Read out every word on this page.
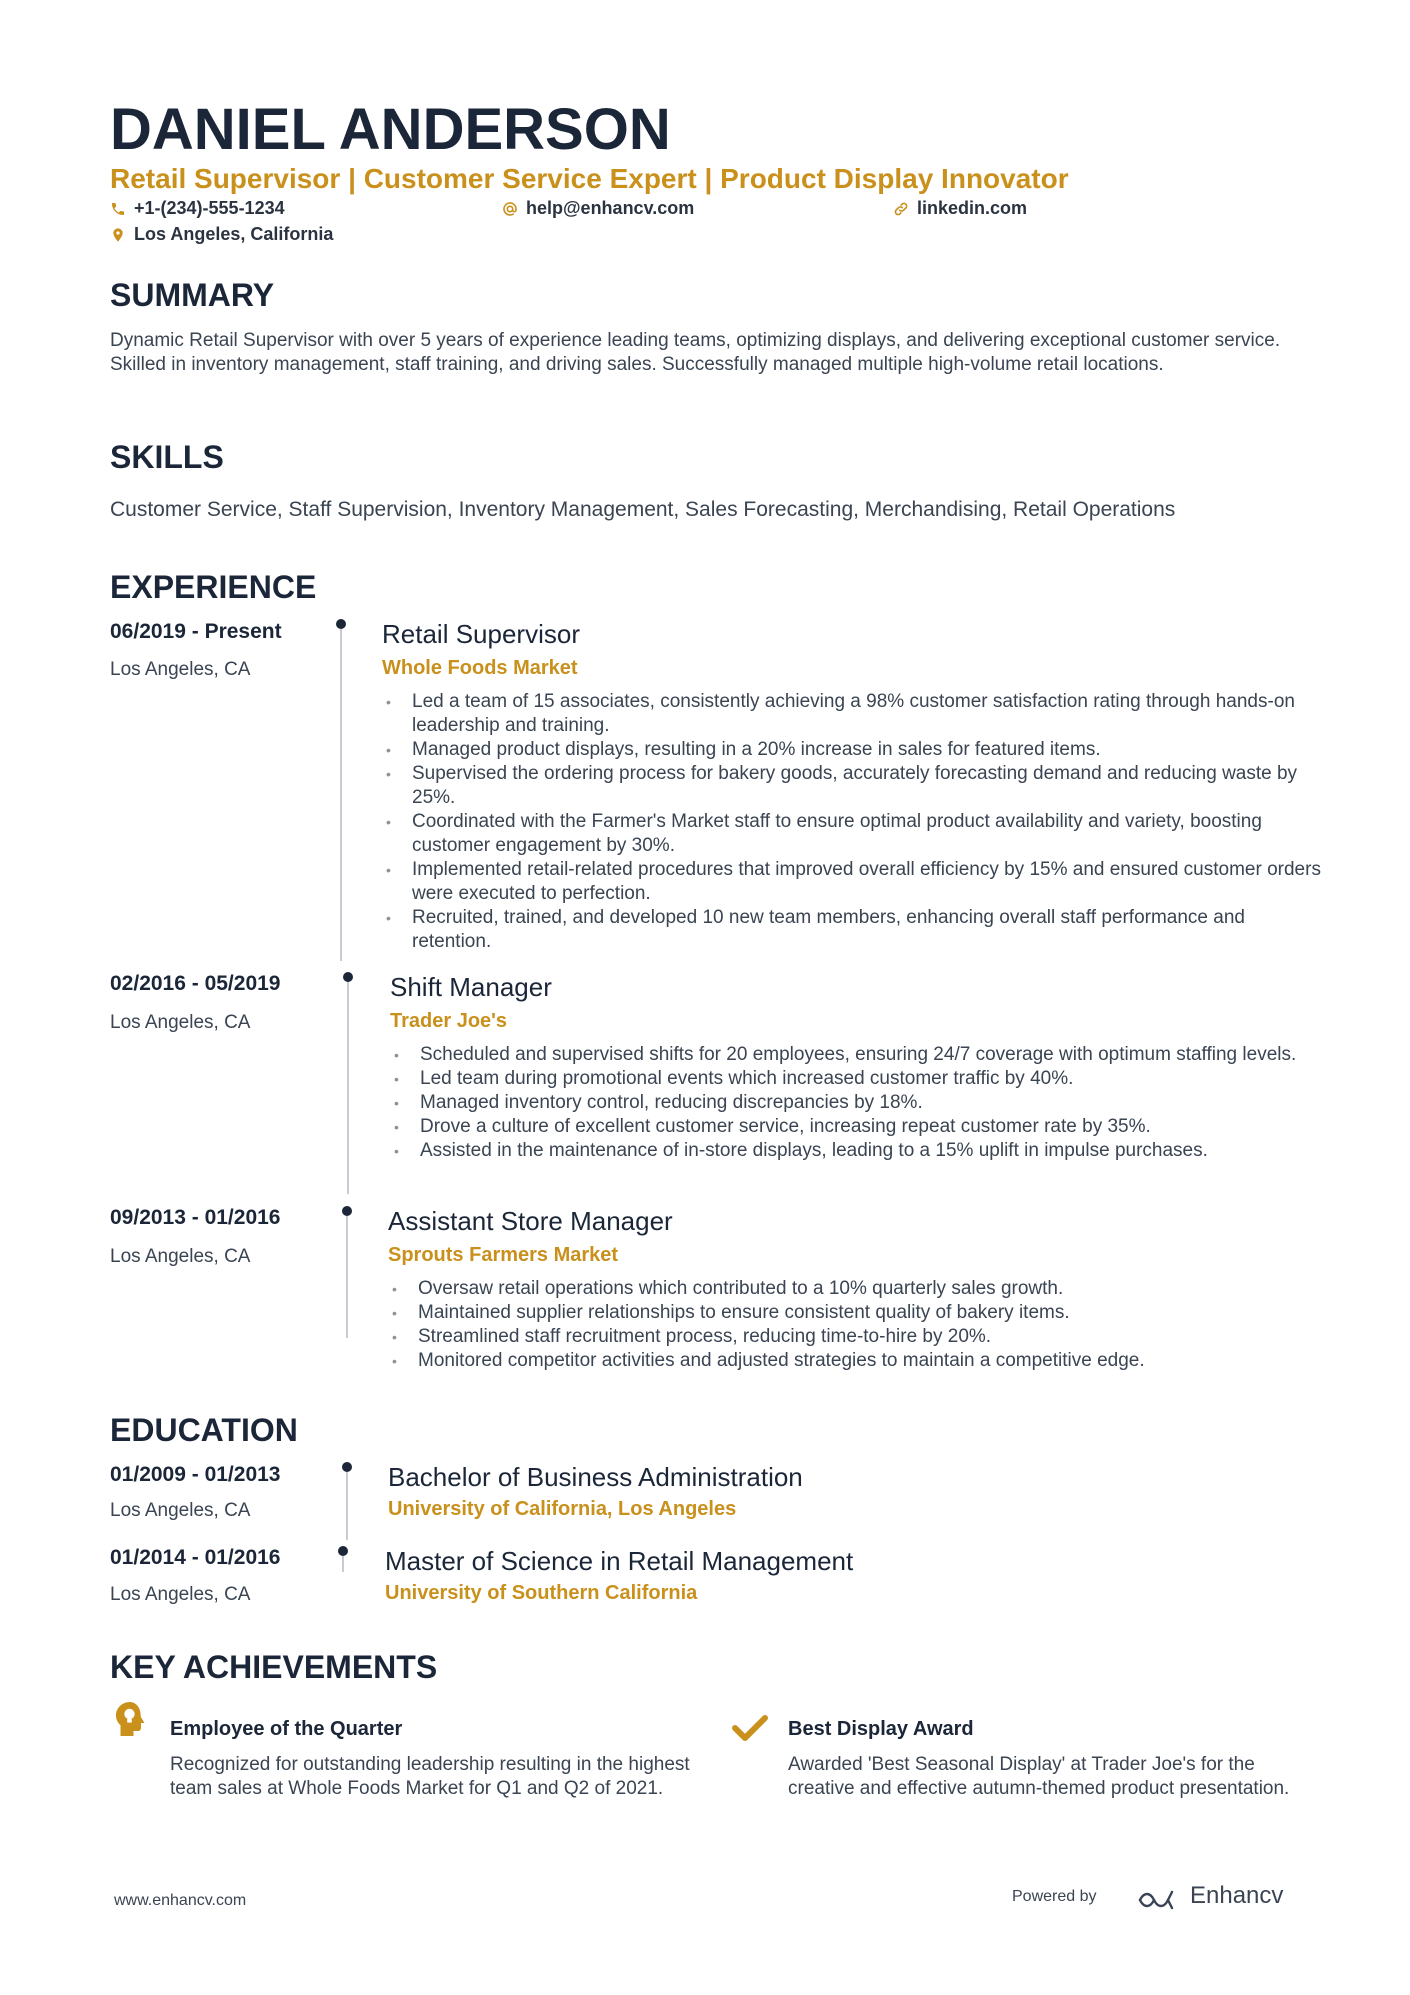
DANIEL ANDERSON
Retail Supervisor | Customer Service Expert | Product Display Innovator
+1-(234)-555-1234	help@enhancv.com	linkedin.com
Los Angeles, California
SUMMARY

Dynamic Retail Supervisor with over 5 years of experience leading teams, optimizing displays, and delivering exceptional customer service. Skilled in inventory management, staff training, and driving sales. Successfully managed multiple high-volume retail locations.

SKILLS

Customer Service, Staff Supervision, Inventory Management, Sales Forecasting, Merchandising, Retail Operations

EXPERIENCE
06/2019 - Present
Los Angeles, CA
Retail Supervisor
Whole Foods Market
• Led a team of 15 associates, consistently achieving a 98% customer satisfaction rating through hands-on leadership and training.
• Managed product displays, resulting in a 20% increase in sales for featured items.
• Supervised the ordering process for bakery goods, accurately forecasting demand and reducing waste by 25%.
• Coordinated with the Farmer's Market staff to ensure optimal product availability and variety, boosting customer engagement by 30%.
• Implemented retail-related procedures that improved overall efficiency by 15% and ensured customer orders were executed to perfection.
• Recruited, trained, and developed 10 new team members, enhancing overall staff performance and retention.
02/2016 - 05/2019
Los Angeles, CA
Shift Manager
Trader Joe's
• Scheduled and supervised shifts for 20 employees, ensuring 24/7 coverage with optimum staffing levels.
• Led team during promotional events which increased customer traffic by 40%.
• Managed inventory control, reducing discrepancies by 18%.
• Drove a culture of excellent customer service, increasing repeat customer rate by 35%.
• Assisted in the maintenance of in-store displays, leading to a 15% uplift in impulse purchases.
09/2013 - 01/2016
Los Angeles, CA
Assistant Store Manager
Sprouts Farmers Market
• Oversaw retail operations which contributed to a 10% quarterly sales growth.
• Maintained supplier relationships to ensure consistent quality of bakery items.
• Streamlined staff recruitment process, reducing time-to-hire by 20%.
• Monitored competitor activities and adjusted strategies to maintain a competitive edge.
EDUCATION
01/2009 - 01/2013
Los Angeles, CA
Bachelor of Business Administration
University of California, Los Angeles
01/2014 - 01/2016
Los Angeles, CA
Master of Science in Retail Management
University of Southern California
KEY ACHIEVEMENTS
Employee of the Quarter

Recognized for outstanding leadership resulting in the highest team sales at Whole Foods Market for Q1 and Q2 of 2021.

Best Display Award

Awarded 'Best Seasonal Display' at Trader Joe's for the creative and effective autumn-themed product presentation.

www.enhancv.com	Powered by	Enhancv
